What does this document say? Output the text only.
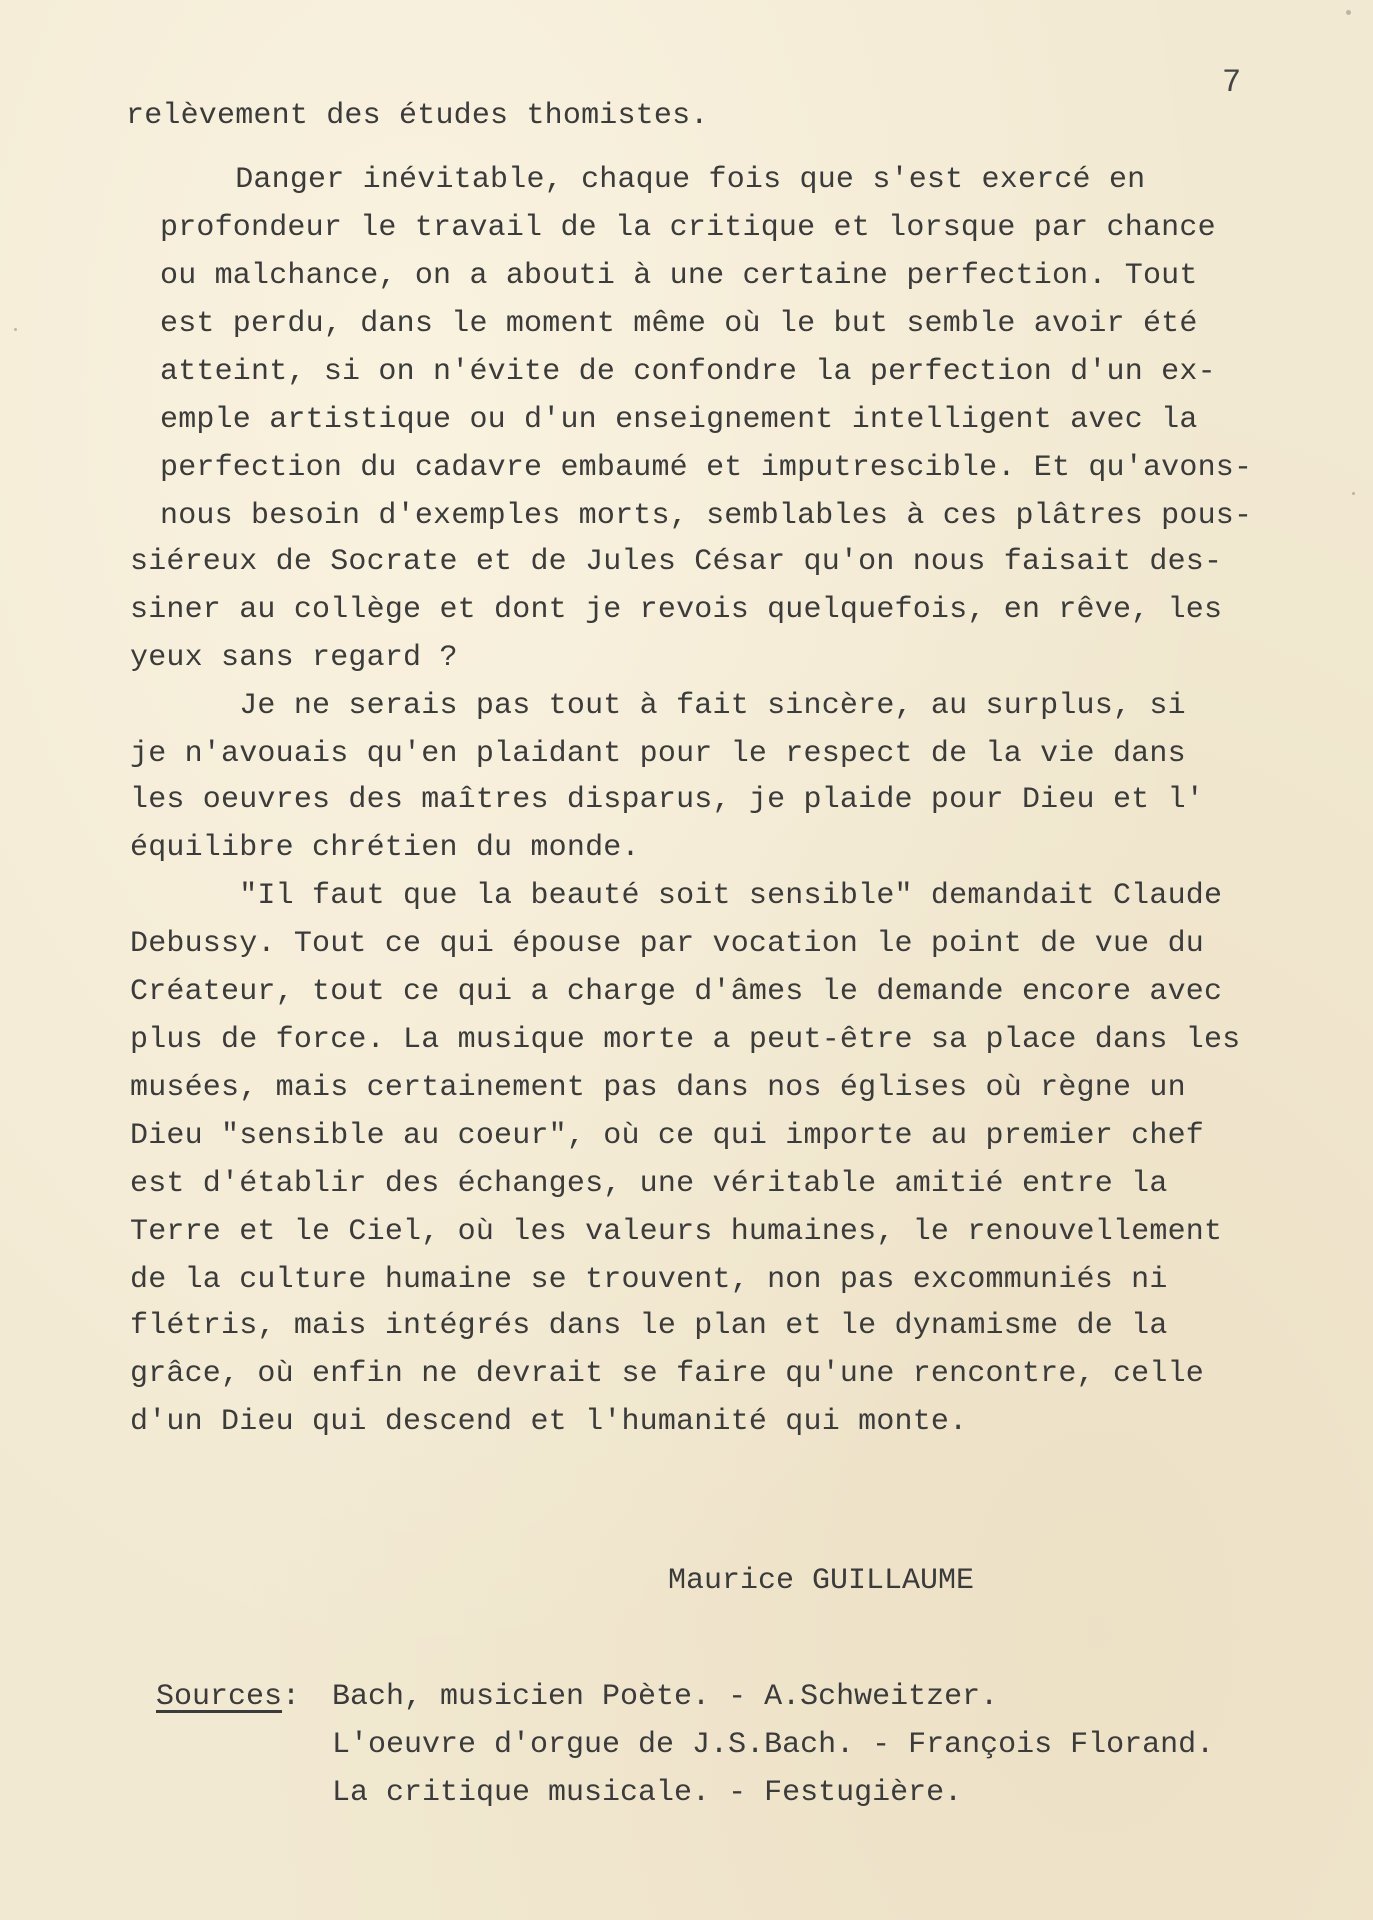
7
relèvement des études thomistes.
Danger inévitable, chaque fois que s'est exercé en
profondeur le travail de la critique et lorsque par chance
ou malchance, on a abouti à une certaine perfection. Tout
est perdu, dans le moment même où le but semble avoir été
atteint, si on n'évite de confondre la perfection d'un ex-
emple artistique ou d'un enseignement intelligent avec la
perfection du cadavre embaumé et imputrescible. Et qu'avons-
nous besoin d'exemples morts, semblables à ces plâtres pous-
siéreux de Socrate et de Jules César qu'on nous faisait des-
siner au collège et dont je revois quelquefois, en rêve, les
yeux sans regard ?
Je ne serais pas tout à fait sincère, au surplus, si
je n'avouais qu'en plaidant pour le respect de la vie dans
les oeuvres des maîtres disparus, je plaide pour Dieu et l'
équilibre chrétien du monde.
"Il faut que la beauté soit sensible" demandait Claude
Debussy. Tout ce qui épouse par vocation le point de vue du
Créateur, tout ce qui a charge d'âmes le demande encore avec
plus de force. La musique morte a peut-être sa place dans les
musées, mais certainement pas dans nos églises où règne un
Dieu "sensible au coeur", où ce qui importe au premier chef
est d'établir des échanges, une véritable amitié entre la
Terre et le Ciel, où les valeurs humaines, le renouvellement
de la culture humaine se trouvent, non pas excommuniés ni
flétris, mais intégrés dans le plan et le dynamisme de la
grâce, où enfin ne devrait se faire qu'une rencontre, celle
d'un Dieu qui descend et l'humanité qui monte.
Maurice GUILLAUME
Sources: Bach, musicien Poète. - A.Schweitzer.
L'oeuvre d'orgue de J.S.Bach. - François Florand.
La critique musicale. - Festugière.
